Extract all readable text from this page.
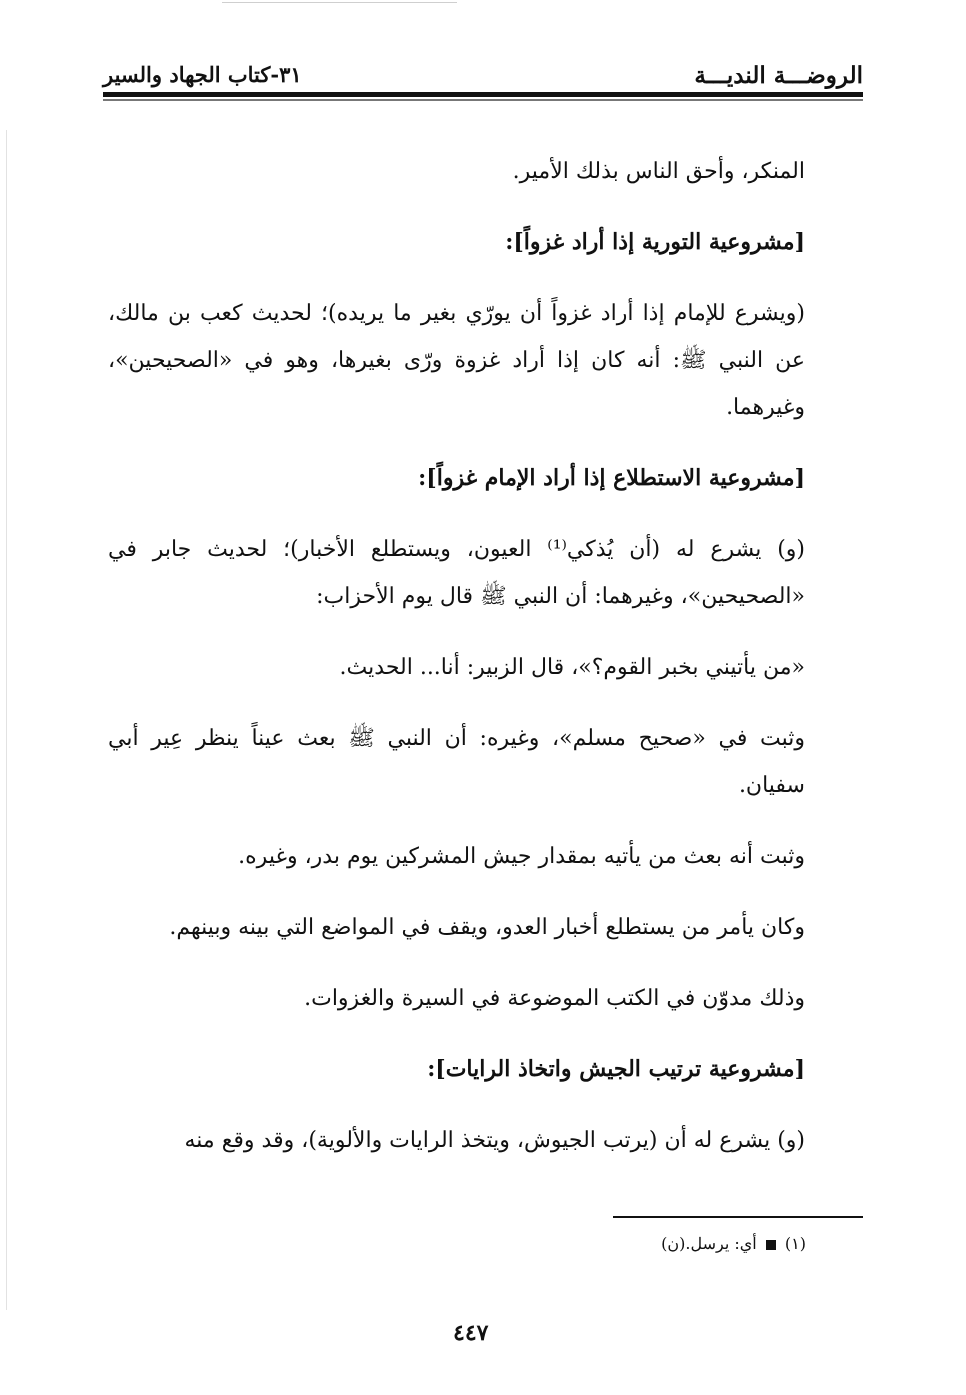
الروضـــة النديـــة
٣١-كتاب الجهاد والسير

المنكر، وأحق الناس بذلك الأمير.

[مشروعية التورية إذا أراد غزواً]:

(ويشرع للإمام إذا أراد غزواً أن يورّي بغير ما يريده)؛ لحديث كعب بن مالك، عن النبي ﷺ: أنه كان إذا أراد غزوة ورّى بغيرها، وهو في «الصحيحين»، وغيرهما.

[مشروعية الاستطلاع إذا أراد الإمام غزواً]:

(و) يشرع له (أن يُذكي⁽¹⁾ العيون، ويستطلع الأخبار)؛ لحديث جابر في «الصحيحين»، وغيرهما: أن النبي ﷺ قال يوم الأحزاب:

«من يأتيني بخبر القوم؟»، قال الزبير: أنا... الحديث.

وثبت في «صحيح مسلم»، وغيره: أن النبي ﷺ بعث عيناً ينظر عِير أبي سفيان.

وثبت أنه بعث من يأتيه بمقدار جيش المشركين يوم بدر، وغيره.

وكان يأمر من يستطلع أخبار العدو، ويقف في المواضع التي بينه وبينهم.

وذلك مدوّن في الكتب الموضوعة في السيرة والغزوات.

[مشروعية ترتيب الجيش واتخاذ الرايات]:

(و) يشرع له أن (يرتب الجيوش، ويتخذ الرايات والألوية)، وقد وقع منه

(١)  أي: يرسل.(ن)
٤٤٧
